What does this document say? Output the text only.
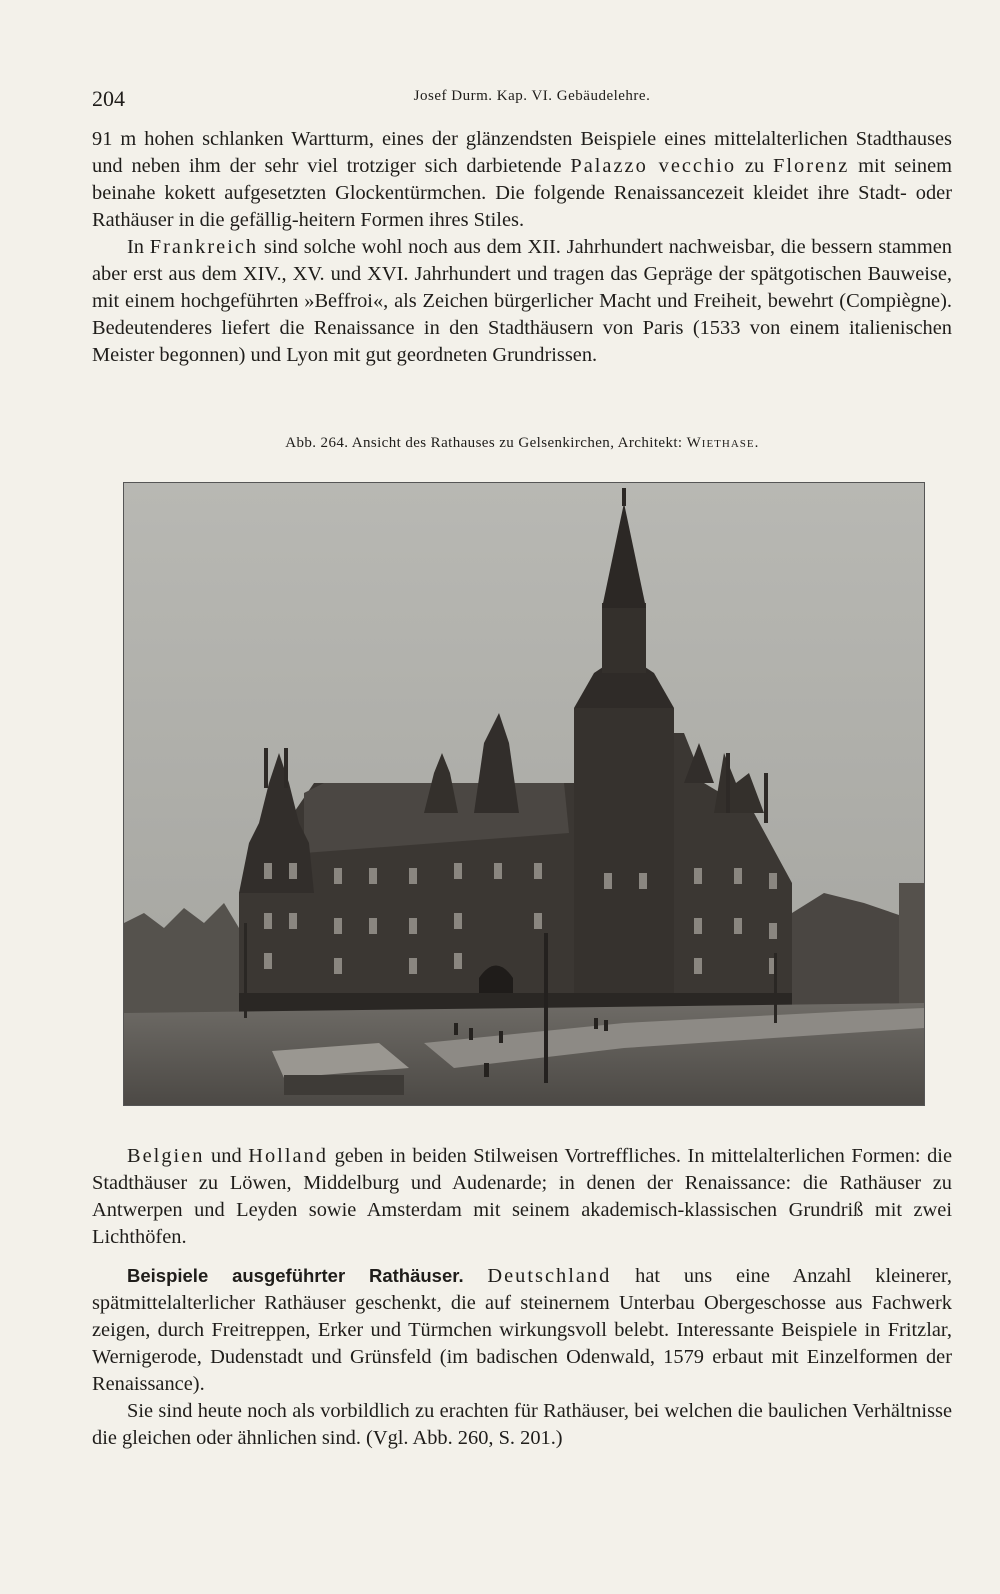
204	Josef Durm. Kap. VI. Gebäudelehre.

91 m hohen schlanken Wartturm, eines der glänzendsten Beispiele eines mittelalterlichen Stadthauses und neben ihm der sehr viel trotziger sich darbietende Palazzo vecchio zu Florenz mit seinem beinahe kokett aufgesetzten Glockentürmchen. Die folgende Renaissancezeit kleidet ihre Stadt- oder Rathäuser in die gefällig-heitern Formen ihres Stiles.

In Frankreich sind solche wohl noch aus dem XII. Jahrhundert nachweisbar, die bessern stammen aber erst aus dem XIV., XV. und XVI. Jahrhundert und tragen das Gepräge der spätgotischen Bauweise, mit einem hochgeführten »Beffroi«, als Zeichen bürgerlicher Macht und Freiheit, bewehrt (Compiègne). Bedeutenderes liefert die Renaissance in den Stadthäusern von Paris (1533 von einem italienischen Meister begonnen) und Lyon mit gut geordneten Grundrissen.

Abb. 264. Ansicht des Rathauses zu Gelsenkirchen, Architekt: Wiethase.

Belgien und Holland geben in beiden Stilweisen Vortreffliches. In mittelalterlichen Formen: die Stadthäuser zu Löwen, Middelburg und Audenarde; in denen der Renaissance: die Rathäuser zu Antwerpen und Leyden sowie Amsterdam mit seinem akademisch-klassischen Grundriß mit zwei Lichthöfen.

Beispiele ausgeführter Rathäuser. Deutschland hat uns eine Anzahl kleinerer, spätmittelalterlicher Rathäuser geschenkt, die auf steinernem Unterbau Obergeschosse aus Fachwerk zeigen, durch Freitreppen, Erker und Türmchen wirkungsvoll belebt. Interessante Beispiele in Fritzlar, Wernigerode, Dudenstadt und Grünsfeld (im badischen Odenwald, 1579 erbaut mit Einzelformen der Renaissance).

Sie sind heute noch als vorbildlich zu erachten für Rathäuser, bei welchen die baulichen Verhältnisse die gleichen oder ähnlichen sind. (Vgl. Abb. 260, S. 201.)
